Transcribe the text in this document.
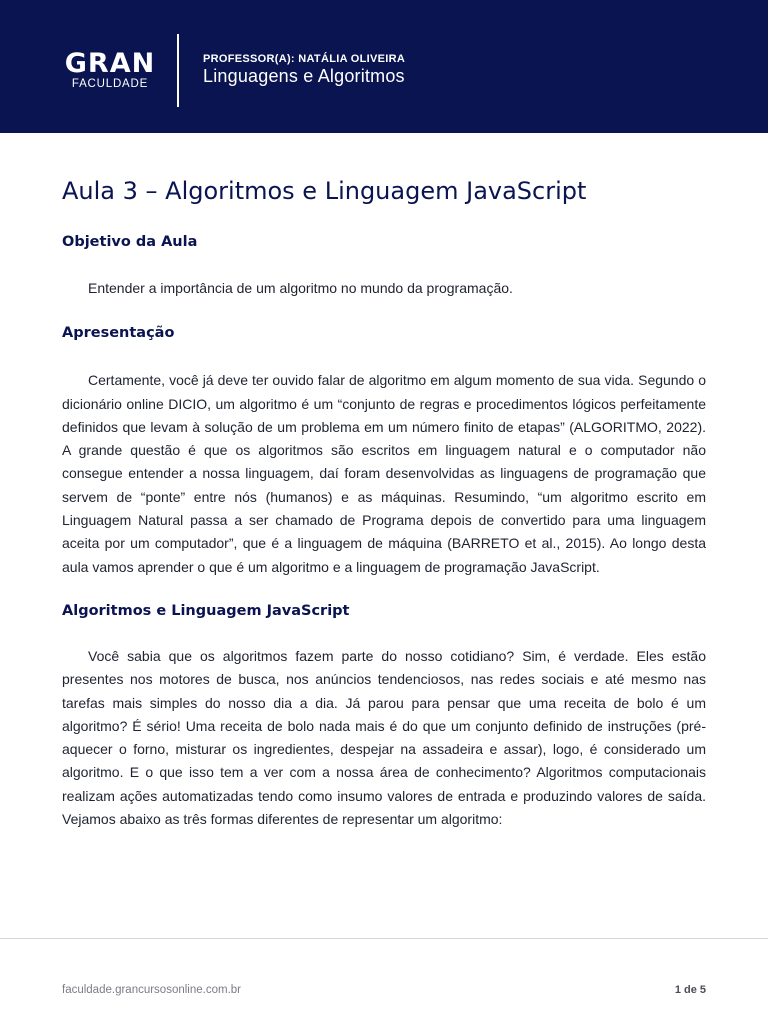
GRAN
FACULDADE
PROFESSOR(A): NATÁLIA OLIVEIRA
Linguagens e Algoritmos
Aula 3 – Algoritmos e Linguagem JavaScript
Objetivo da Aula

Entender a importância de um algoritmo no mundo da programação.

Apresentação

Certamente, você já deve ter ouvido falar de algoritmo em algum momento de sua vida. Segundo o dicionário online DICIO, um algoritmo é um “conjunto de regras e procedimentos lógicos perfeitamente definidos que levam à solução de um problema em um número finito de etapas” (ALGORITMO, 2022). A grande questão é que os algoritmos são escritos em linguagem natural e o computador não consegue entender a nossa linguagem, daí foram desenvolvidas as linguagens de programação que servem de “ponte” entre nós (humanos) e as máquinas. Resumindo, “um algoritmo escrito em Linguagem Natural passa a ser chamado de Programa depois de convertido para uma linguagem aceita por um computador”, que é a linguagem de máquina (BARRETO et al., 2015). Ao longo desta aula vamos aprender o que é um algoritmo e a linguagem de programação JavaScript.

Algoritmos e Linguagem JavaScript

Você sabia que os algoritmos fazem parte do nosso cotidiano? Sim, é verdade. Eles estão presentes nos motores de busca, nos anúncios tendenciosos, nas redes sociais e até mesmo nas tarefas mais simples do nosso dia a dia. Já parou para pensar que uma receita de bolo é um algoritmo? É sério! Uma receita de bolo nada mais é do que um conjunto definido de instruções (pré-aquecer o forno, misturar os ingredientes, despejar na assadeira e assar), logo, é considerado um algoritmo. E o que isso tem a ver com a nossa área de conhecimento? Algoritmos computacionais realizam ações automatizadas tendo como insumo valores de entrada e produzindo valores de saída. Vejamos abaixo as três formas diferentes de representar um algoritmo:

faculdade.grancursosonline.com.br	1 de 5
